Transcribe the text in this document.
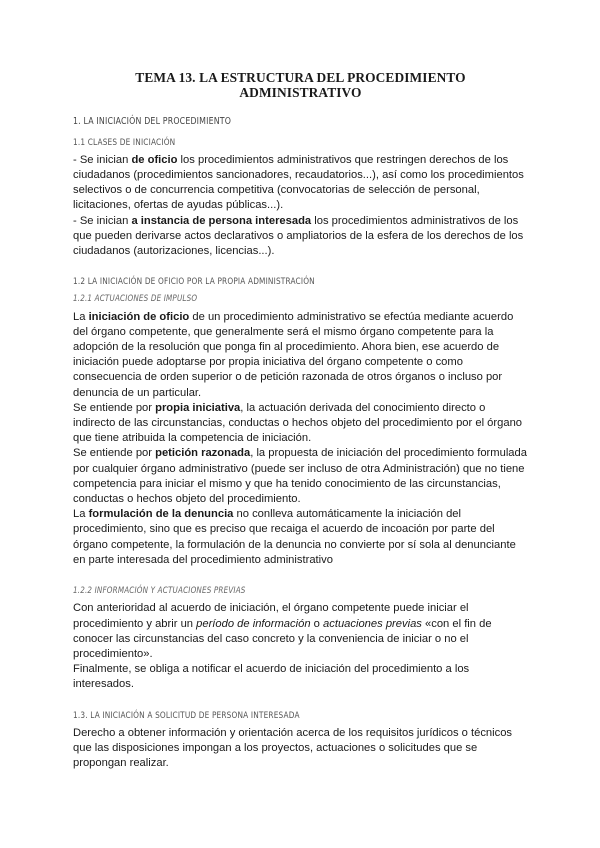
TEMA 13. LA ESTRUCTURA DEL PROCEDIMIENTO ADMINISTRATIVO
1. LA INICIACIÓN DEL PROCEDIMIENTO
1.1 CLASES DE INICIACIÓN

- Se inician de oficio los procedimientos administrativos que restringen derechos de los ciudadanos (procedimientos sancionadores, recaudatorios...), así como los procedimientos selectivos o de concurrencia competitiva (convocatorias de selección de personal, licitaciones, ofertas de ayudas públicas...).

- Se inician a instancia de persona interesada los procedimientos administrativos de los que pueden derivarse actos declarativos o ampliatorios de la esfera de los derechos de los ciudadanos (autorizaciones, licencias...).

1.2 LA INICIACIÓN DE OFICIO POR LA PROPIA ADMINISTRACIÓN
1.2.1 ACTUACIONES DE IMPULSO

La iniciación de oficio de un procedimiento administrativo se efectúa mediante acuerdo del órgano competente, que generalmente será el mismo órgano competente para la adopción de la resolución que ponga fin al procedimiento. Ahora bien, ese acuerdo de iniciación puede adoptarse por propia iniciativa del órgano competente o como consecuencia de orden superior o de petición razonada de otros órganos o incluso por denuncia de un particular.

Se entiende por propia iniciativa, la actuación derivada del conocimiento directo o indirecto de las circunstancias, conductas o hechos objeto del procedimiento por el órgano que tiene atribuida la competencia de iniciación.

Se entiende por petición razonada, la propuesta de iniciación del procedimiento formulada por cualquier órgano administrativo (puede ser incluso de otra Administración) que no tiene competencia para iniciar el mismo y que ha tenido conocimiento de las circunstancias, conductas o hechos objeto del procedimiento.

La formulación de la denuncia no conlleva automáticamente la iniciación del procedimiento, sino que es preciso que recaiga el acuerdo de incoación por parte del órgano competente, la formulación de la denuncia no convierte por sí sola al denunciante en parte interesada del procedimiento administrativo

1.2.2 INFORMACIÓN Y ACTUACIONES PREVIAS

Con anterioridad al acuerdo de iniciación, el órgano competente puede iniciar el procedimiento y abrir un período de información o actuaciones previas «con el fin de conocer las circunstancias del caso concreto y la conveniencia de iniciar o no el procedimiento».

Finalmente, se obliga a notificar el acuerdo de iniciación del procedimiento a los interesados.

1.3. LA INICIACIÓN A SOLICITUD DE PERSONA INTERESADA

Derecho a obtener información y orientación acerca de los requisitos jurídicos o técnicos que las disposiciones impongan a los proyectos, actuaciones o solicitudes que se propongan realizar.
